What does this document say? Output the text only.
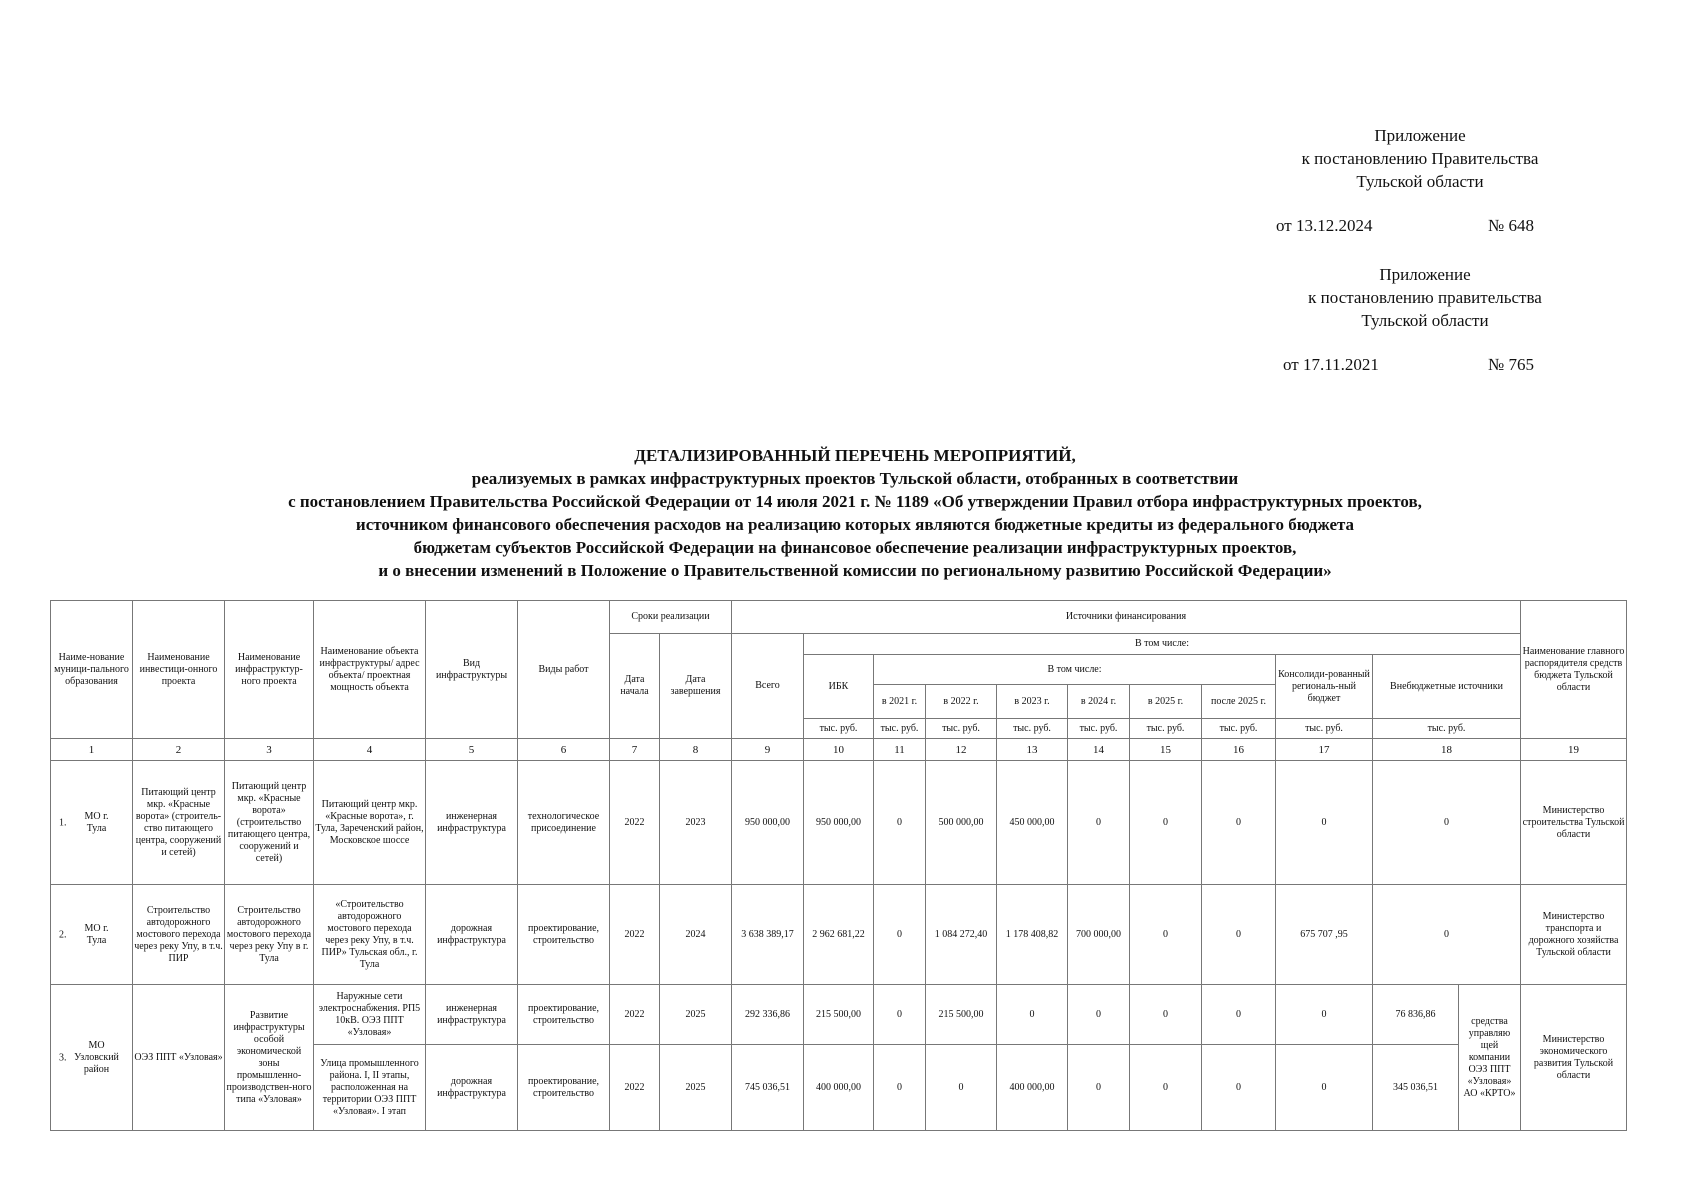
Приложение
к постановлению Правительства
Тульской области
от 13.12.2024	№ 648
Приложение
к постановлению правительства
Тульской области
от 17.11.2021	№ 765
ДЕТАЛИЗИРОВАННЫЙ ПЕРЕЧЕНЬ МЕРОПРИЯТИЙ,
реализуемых в рамках инфраструктурных проектов Тульской области, отобранных в соответствии
с постановлением Правительства Российской Федерации от 14 июля 2021 г. № 1189 «Об утверждении Правил отбора инфраструктурных проектов,
источником финансового обеспечения расходов на реализацию которых являются бюджетные кредиты из федерального бюджета
бюджетам субъектов Российской Федерации на финансовое обеспечение реализации инфраструктурных проектов,
и о внесении изменений в Положение о Правительственной комиссии по региональному развитию Российской Федерации»
Наиме-нование муници-пального образования	Наименование инвестици-онного проекта	Наименование инфраструктур-ного проекта	Наименование объекта инфраструктуры/ адрес объекта/ проектная мощность объекта	Вид инфраструктуры	Виды работ	Сроки реализации		Источники финансирования											Наименование главного распорядителя средств бюджета Тульской области
						Дата начала	Дата завершения	Всего	В том числе:										
									ИБК	В том числе:						Консолиди-рованный региональ-ный бюджет	Внебюджетные источники		
										в 2021 г.	в 2022 г.	в 2023 г.	в 2024 г.	в 2025 г.	после 2025 г.				
									тыс. руб.	тыс. руб.	тыс. руб.	тыс. руб.	тыс. руб.	тыс. руб.	тыс. руб.	тыс. руб.	тыс. руб.		
1	2	3	4	5	6	7	8	9	10	11	12	13	14	15	16	17	18		19
1.    МО г. Тула	Питающий центр мкр. «Красные ворота» (строитель-ство питающего центра, сооружений и сетей)	Питающий центр мкр. «Красные ворота» (строительство питающего центра, сооружений и сетей)	Питающий центр мкр. «Красные ворота», г. Тула, Зареченский район, Московское шоссе	инженерная инфраструктура	технологическое присоединение	2022	2023	950 000,00	950 000,00	0	500 000,00	450 000,00	0	0	0	0	0		Министерство строительства Тульской области
2.    МО г. Тула	Строительство автодорожного мостового перехода через реку Упу, в т.ч. ПИР	Строительство автодорожного мостового перехода через реку Упу в г. Тула	«Строительство автодорожного мостового перехода через реку Упу, в т.ч. ПИР» Тульская обл., г. Тула	дорожная инфраструктура	проектирование, строительство	2022	2024	3 638 389,17	2 962 681,22	0	1 084 272,40	1 178 408,82	700 000,00	0	0	675 707 ,95	0		Министерство транспорта и дорожного хозяйства Тульской области
3.  МО Узловский район	ОЭЗ ППТ «Узловая»	Развитие инфраструктуры особой экономической зоны промышленно-производствен-ного типа «Узловая»	Наружные сети электроснабжения. РП5 10кВ. ОЭЗ ППТ «Узловая»	инженерная инфраструктура	проектирование, строительство	2022	2025	292 336,86	215 500,00	0	215 500,00	0	0	0	0	0	76 836,86	средства управляю щей компании ОЭЗ ППТ «Узловая» АО «КРТО»	Министерство экономического развития Тульской области
			Улица промышленного района. I, II этапы, расположенная на территории ОЭЗ ППТ «Узловая». I этап	дорожная инфраструктура	проектирование, строительство	2022	2025	745 036,51	400 000,00	0	0	400 000,00	0	0	0	0	345 036,51		
